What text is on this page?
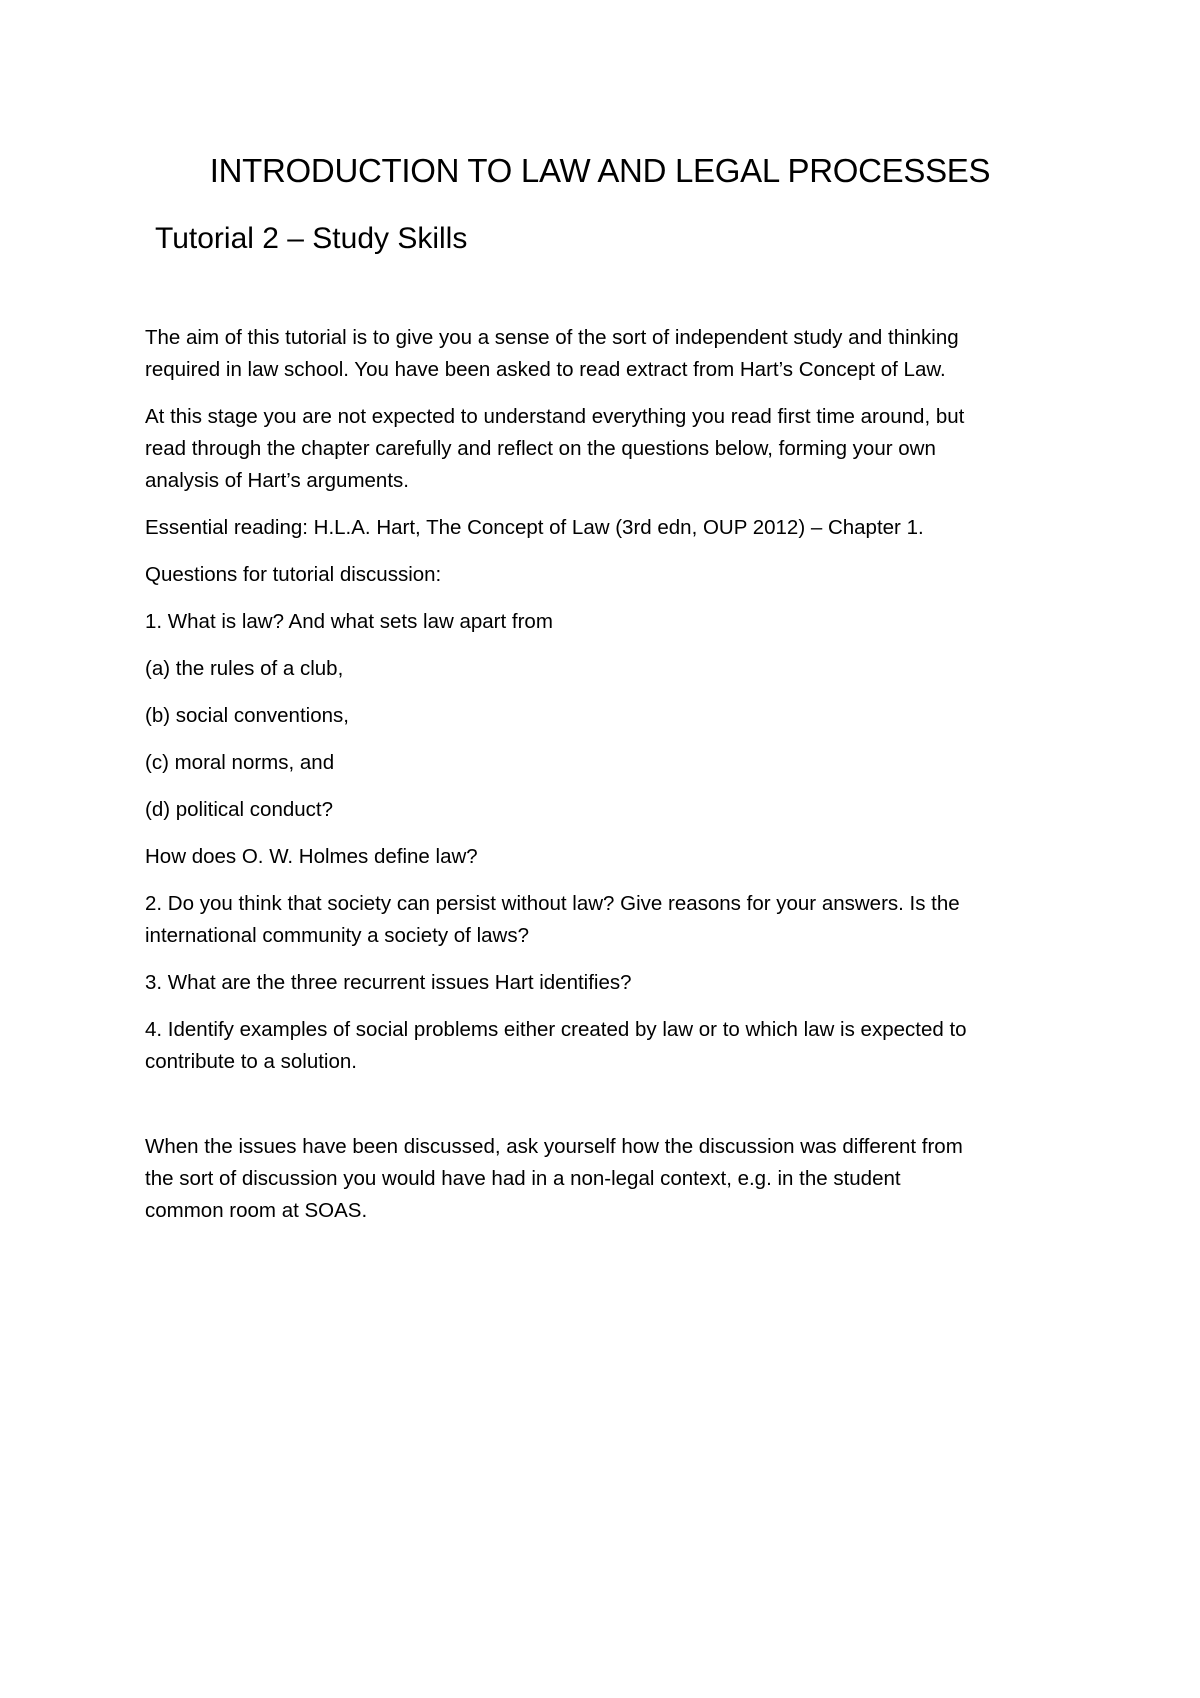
INTRODUCTION TO LAW AND LEGAL PROCESSES
Tutorial 2 – Study Skills

The aim of this tutorial is to give you a sense of the sort of independent study and thinking
required in law school. You have been asked to read extract from Hart’s Concept of Law.

At this stage you are not expected to understand everything you read first time around, but
read through the chapter carefully and reflect on the questions below, forming your own
analysis of Hart’s arguments.

Essential reading: H.L.A. Hart, The Concept of Law (3rd edn, OUP 2012) – Chapter 1.

Questions for tutorial discussion:

1. What is law? And what sets law apart from

(a) the rules of a club,

(b) social conventions,

(c) moral norms, and

(d) political conduct?

How does O. W. Holmes define law?

2. Do you think that society can persist without law? Give reasons for your answers. Is the
international community a society of laws?

3. What are the three recurrent issues Hart identifies?

4. Identify examples of social problems either created by law or to which law is expected to
contribute to a solution.

When the issues have been discussed, ask yourself how the discussion was different from
the sort of discussion you would have had in a non-legal context, e.g. in the student
common room at SOAS.
